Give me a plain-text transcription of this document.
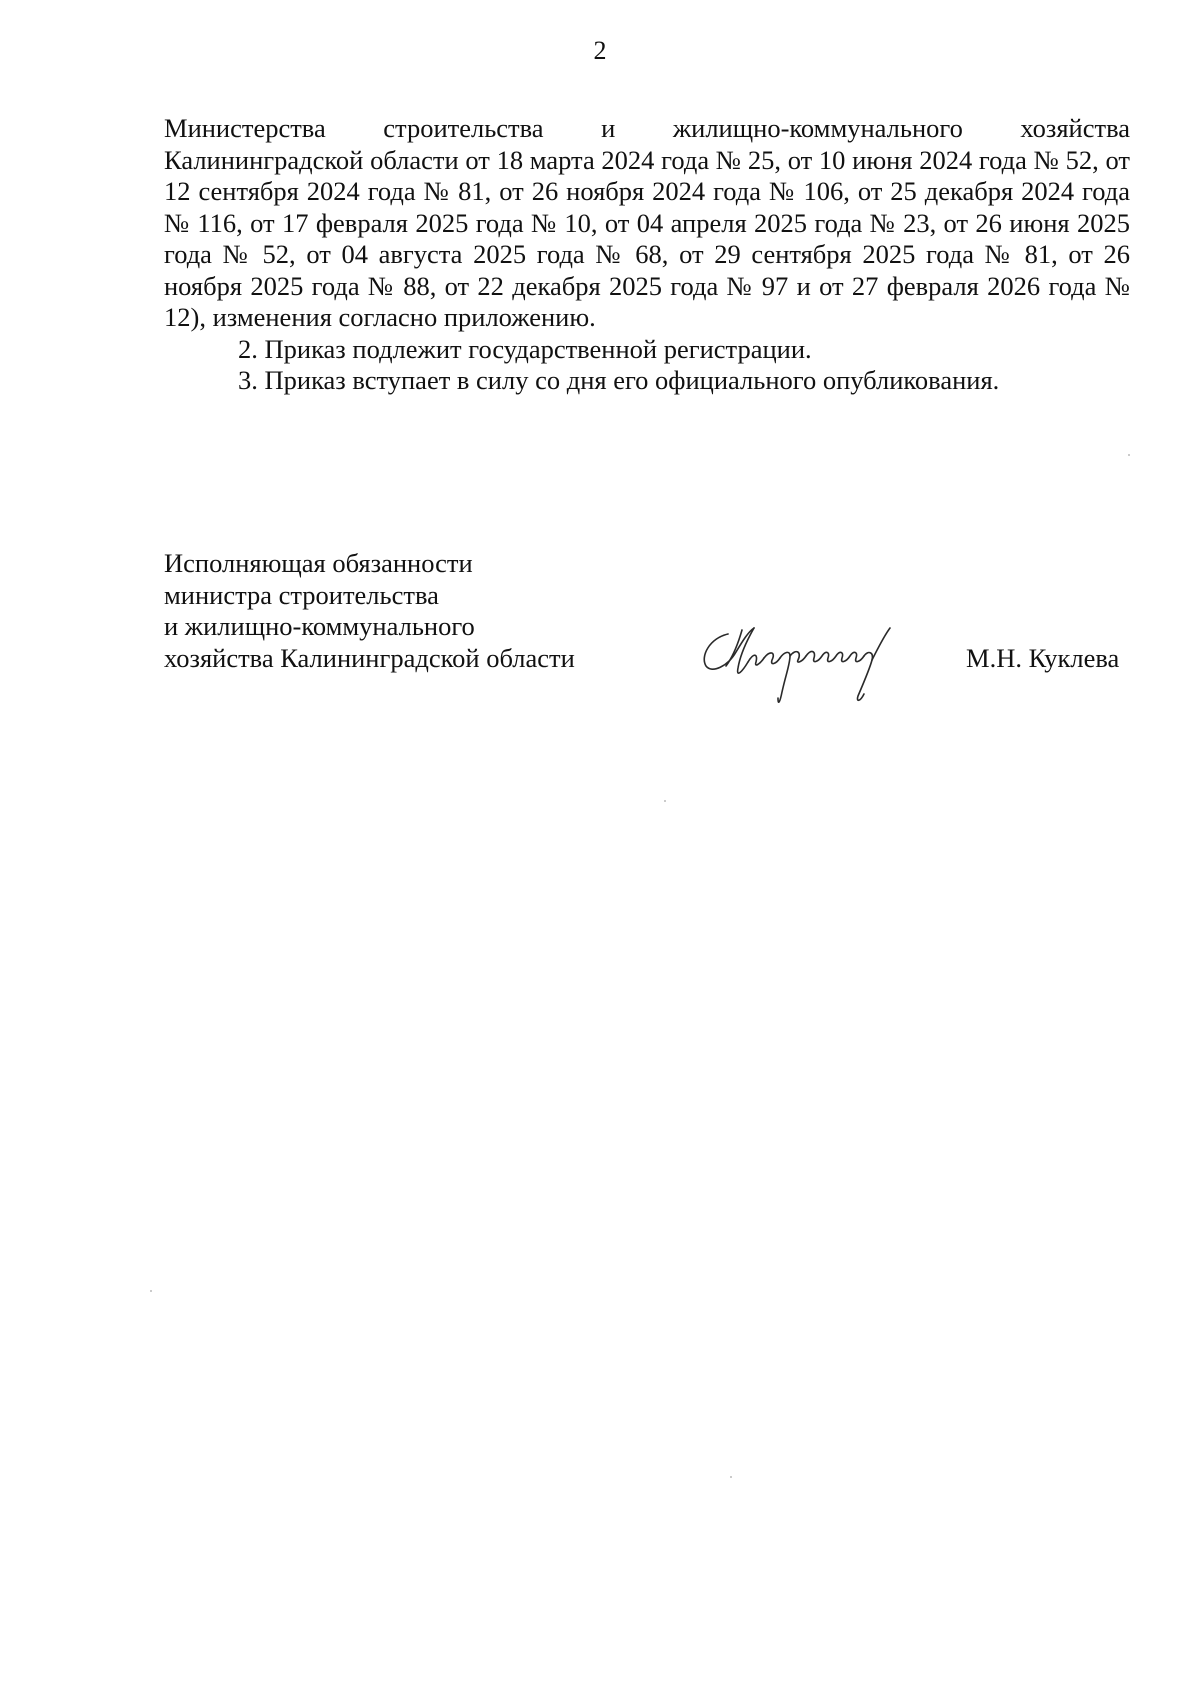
2

Министерства строительства и жилищно-коммунального хозяйства Калининградской области от 18 марта 2024 года № 25, от 10 июня 2024 года № 52, от 12 сентября 2024 года № 81, от 26 ноября 2024 года № 106, от 25 декабря 2024 года № 116, от 17 февраля 2025 года № 10, от 04 апреля 2025 года № 23, от 26 июня 2025 года № 52, от 04 августа 2025 года № 68, от 29 сентября 2025 года № 81, от 26 ноября 2025 года № 88, от 22 декабря 2025 года № 97 и от 27 февраля 2026 года № 12), изменения согласно приложению.

2. Приказ подлежит государственной регистрации.

3. Приказ вступает в силу со дня его официального опубликования.

Исполняющая обязанности
министра строительства
и жилищно-коммунального
хозяйства Калининградской области	М.Н. Куклева
